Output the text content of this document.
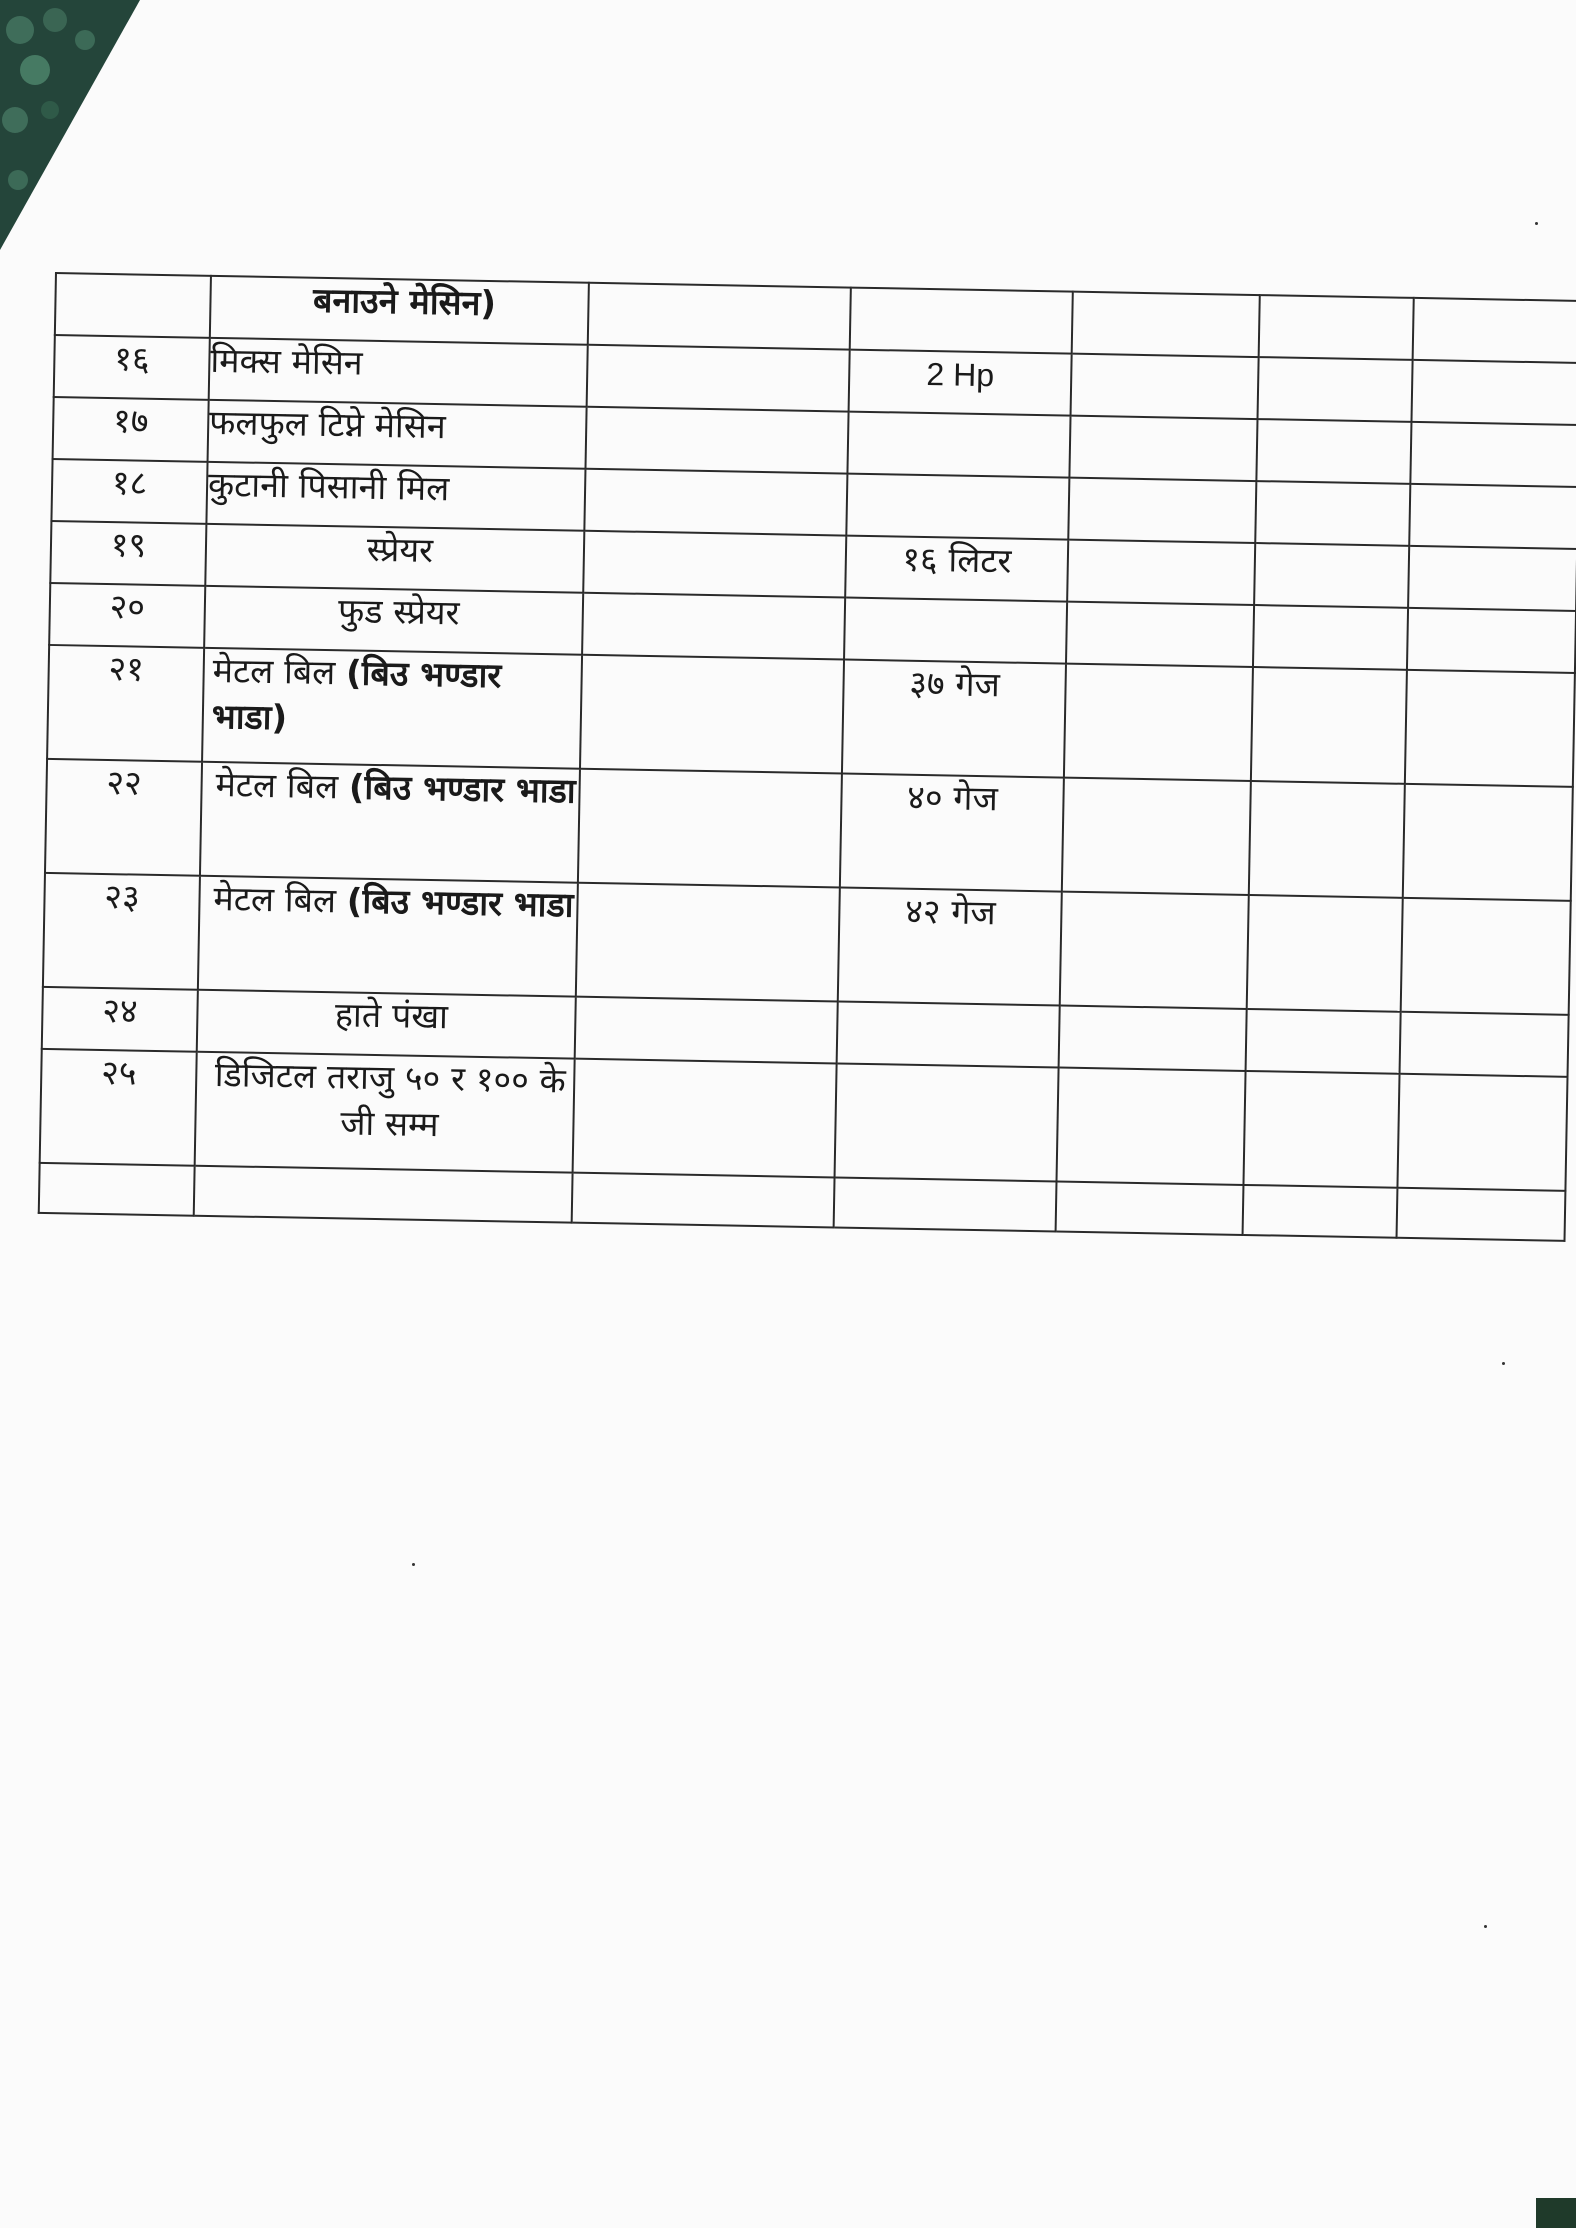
	बनाउने मेसिन)					
१६	मिक्स मेसिन		2 Hp			
१७	फलफुल टिप्ने मेसिन					
१८	कुटानी पिसानी मिल					
१९	स्प्रेयर		१६ लिटर			
२०	फुड स्प्रेयर					
२१	मेटल बिल (बिउ भण्डार भाडा)		३७ गेज			
२२	मेटल बिल (बिउ भण्डार भाडा		४० गेज			
२३	मेटल बिल (बिउ भण्डार भाडा		४२ गेज			
२४	हाते पंखा					
२५	डिजिटल तराजु ५० र १०० के जी सम्म					
